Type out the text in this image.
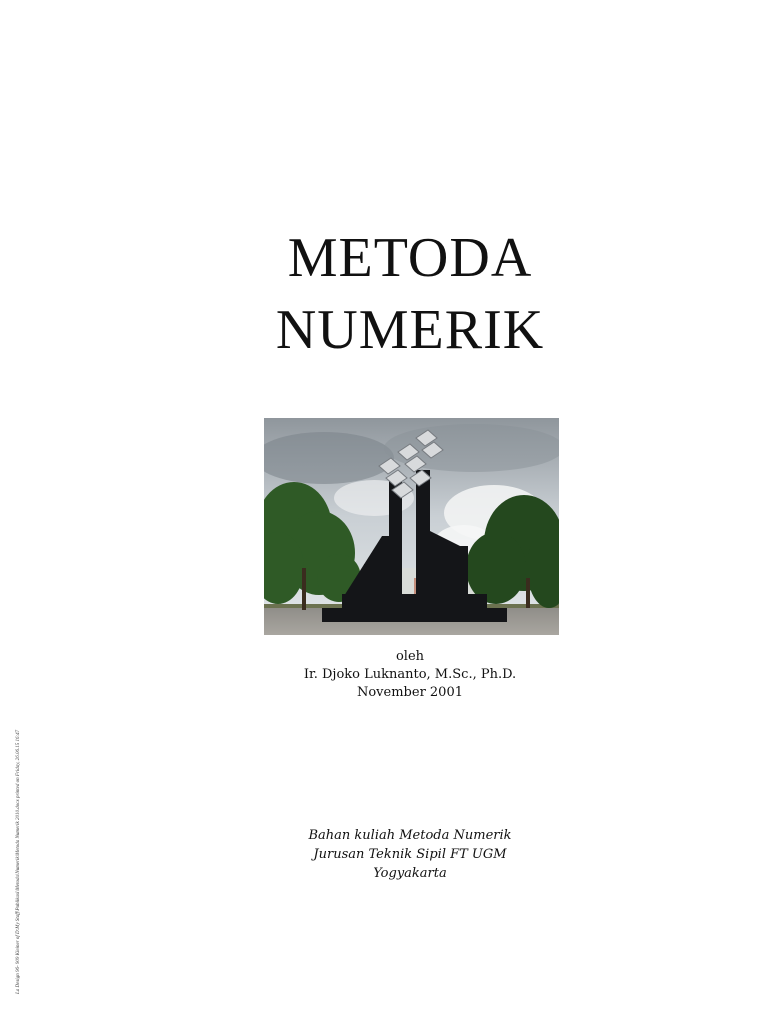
METODA
NUMERIK
oleh
Ir. Djoko Luknanto, M.Sc., Ph.D.
November 2001
Bahan kuliah Metoda Numerik
Jurusan Teknik Sipil FT UGM
Yogyakarta
La Design 96- 909 Kleiner of D:My Staff\Publikasi\Metoda\Numerik\Metoda Numerik 2010.docx printed on Friday, 26.06.15 16:47
